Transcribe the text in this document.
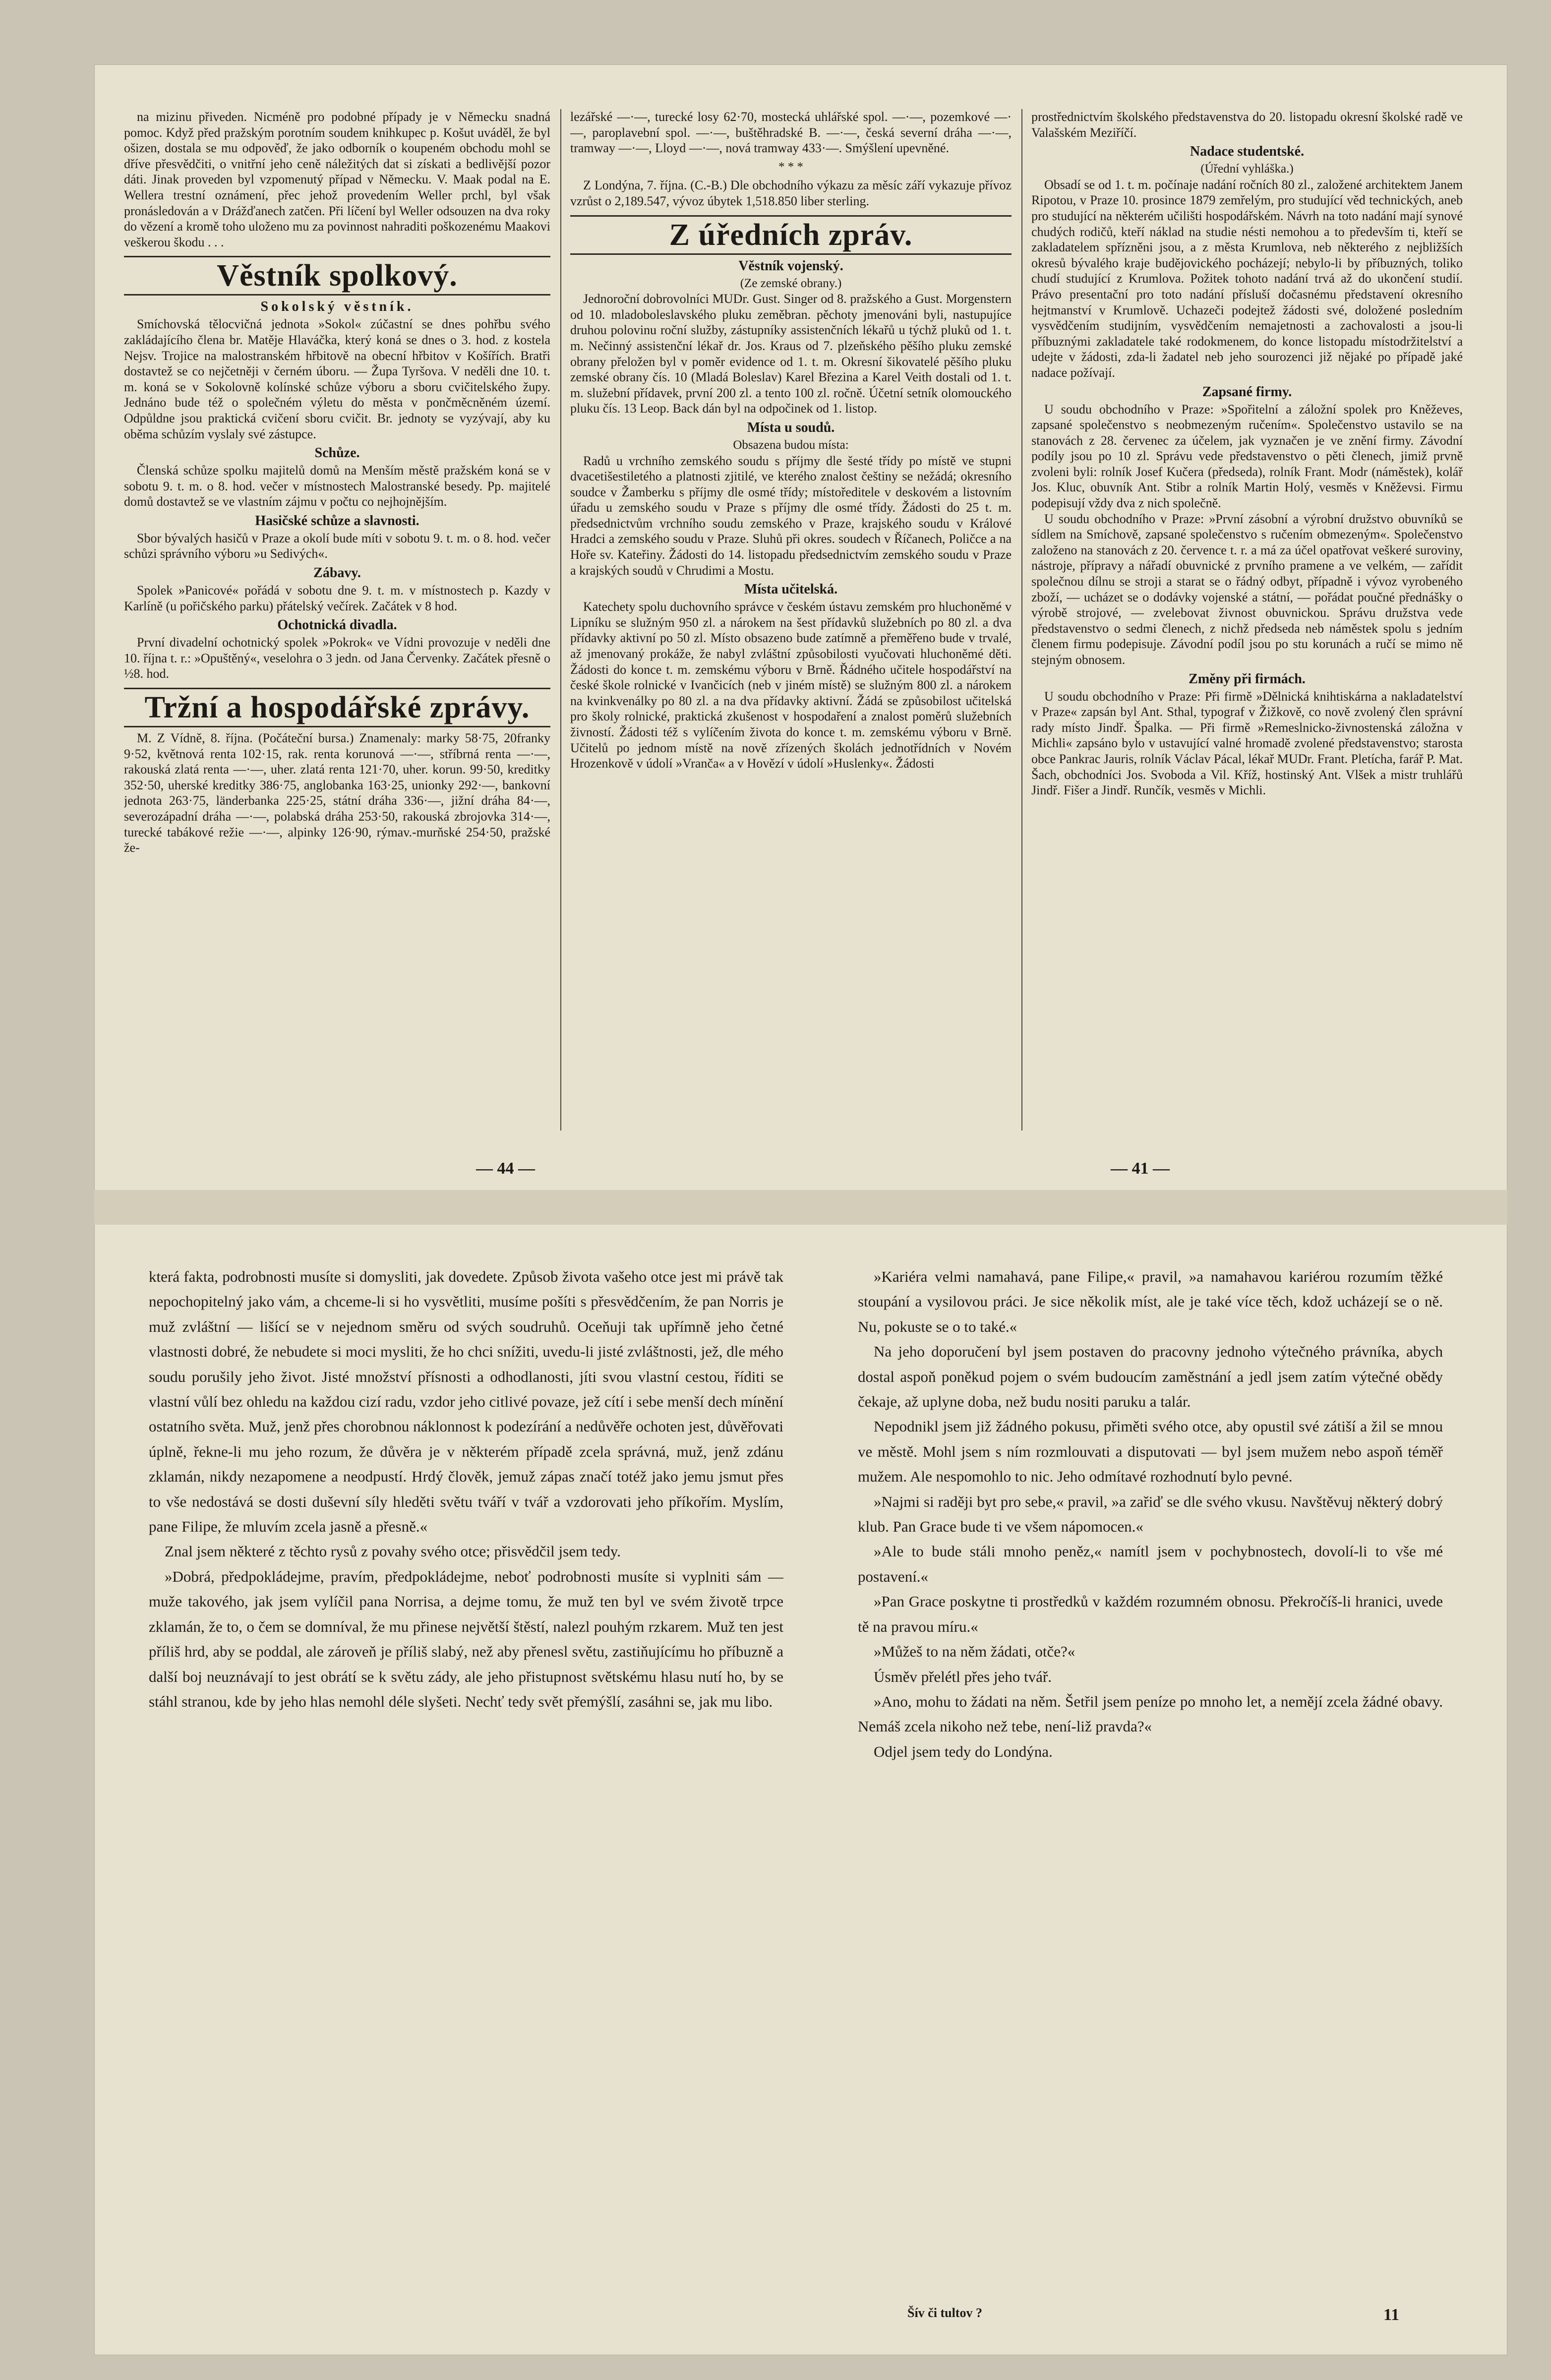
na mizinu přiveden. Nicméně pro podobné případy je v Německu snadná pomoc. Když před pražským porotním soudem knihkupec p. Košut uváděl, že byl ošizen, dostala se mu odpověď, že jako odborník o koupeném obchodu mohl se dříve přesvědčiti, o vnitřní jeho ceně náležitých dat si získati a bedlivější pozor dáti. Jinak proveden byl vzpomenutý případ v Německu. V. Maak podal na E. Wellera trestní oznámení, přec jehož provedením Weller prchl, byl však pronásledován a v Drážďanech zatčen. Při líčení byl Weller odsouzen na dva roky do vězení a kromě toho uloženo mu za povinnost nahraditi poškozenému Maakovi veškerou škodu . . .

Věstník spolkový.
Sokolský věstník.

Smíchovská tělocvičná jednota »Sokol« zúčastní se dnes pohřbu svého zakládajícího člena br. Matěje Hlaváčka, který koná se dnes o 3. hod. z kostela Nejsv. Trojice na malostranském hřbitově na obecní hřbitov v Košířích. Bratři dostavtež se co nejčetněji v černém úboru. — Župa Tyršova. V neděli dne 10. t. m. koná se v Sokolovně kolínské schůze výboru a sboru cvičitelského župy. Jednáno bude též o společném výletu do města v pončměcněném území. Odpůldne jsou praktická cvičení sboru cvičit. Br. jednoty se vyzývají, aby ku oběma schůzím vyslaly své zástupce.

Schůze.

Členská schůze spolku majitelů domů na Menším městě pražském koná se v sobotu 9. t. m. o 8. hod. večer v místnostech Malostranské besedy. Pp. majitelé domů dostavtež se ve vlastním zájmu v počtu co nejhojnějším.

Hasičské schůze a slavnosti.

Sbor bývalých hasičů v Praze a okolí bude míti v sobotu 9. t. m. o 8. hod. večer schůzi správního výboru »u Sedivých«.

Zábavy.

Spolek »Panicové« pořádá v sobotu dne 9. t. m. v místnostech p. Kazdy v Karlíně (u pořičského parku) přátelský večírek. Začátek v 8 hod.

Ochotnická divadla.

První divadelní ochotnický spolek »Pokrok« ve Vídni provozuje v neděli dne 10. října t. r.: »Opuštěný«, veselohra o 3 jedn. od Jana Červenky. Začátek přesně o ½8. hod.

Tržní a hospodářské zprávy.

M. Z Vídně, 8. října. (Počáteční bursa.) Znamenaly: marky 58·75, 20franky 9·52, květnová renta 102·15, rak. renta korunová —·—, stříbrná renta —·—, rakouská zlatá renta —·—, uher. zlatá renta 121·70, uher. korun. 99·50, kreditky 352·50, uherské kreditky 386·75, anglobanka 163·25, unionky 292·—, bankovní jednota 263·75, länderbanka 225·25, státní dráha 336·—, jižní dráha 84·—, severozápadní dráha —·—, polabská dráha 253·50, rakouská zbrojovka 314·—, turecké tabákové režie —·—, alpinky 126·90, rýmav.-murňské 254·50, pražské že-

lezářské —·—, turecké losy 62·70, mostecká uhlářské spol. —·—, pozemkové —·—, paroplavební spol. —·—, buštěhradské B. —·—, česká severní dráha —·—, tramway —·—, Lloyd —·—, nová tramway 433·—. Smýšlení upevněné.

* * *

Z Londýna, 7. října. (C.-B.) Dle obchodního výkazu za měsíc září vykazuje přívoz vzrůst o 2,189.547, vývoz úbytek 1,518.850 liber sterling.

Z úředních zpráv.
Věstník vojenský.
(Ze zemské obrany.)

Jednoroční dobrovolníci MUDr. Gust. Singer od 8. pražského a Gust. Morgenstern od 10. mladoboleslavského pluku zeměbran. pěchoty jmenováni byli, nastupujíce druhou polovinu roční služby, zástupníky assistenčních lékařů u týchž pluků od 1. t. m. Nečinný assistenční lékař dr. Jos. Kraus od 7. plzeňského pěšího pluku zemské obrany přeložen byl v poměr evidence od 1. t. m. Okresní šikovatelé pěšího pluku zemské obrany čís. 10 (Mladá Boleslav) Karel Březina a Karel Veith dostali od 1. t. m. služební přídavek, první 200 zl. a tento 100 zl. ročně. Účetní setník olomouckého pluku čís. 13 Leop. Back dán byl na odpočinek od 1. listop.

Místa u soudů.
Obsazena budou místa:

Radů u vrchního zemského soudu s příjmy dle šesté třídy po místě ve stupni dvacetišestiletého a platnosti zjitilé, ve kterého znalost češtiny se nežádá; okresního soudce v Žamberku s příjmy dle osmé třídy; místoředitele v deskovém a listovním úřadu u zemského soudu v Praze s příjmy dle osmé třídy. Žádosti do 25 t. m. předsednictvům vrchního soudu zemského v Praze, krajského soudu v Králové Hradci a zemského soudu v Praze. Sluhů při okres. soudech v Říčanech, Poličce a na Hoře sv. Kateřiny. Žádosti do 14. listopadu předsednictvím zemského soudu v Praze a krajských soudů v Chrudimi a Mostu.

Místa učitelská.

Katechety spolu duchovního správce v českém ústavu zemském pro hluchoněmé v Lipníku se služným 950 zl. a nárokem na šest přídavků služebních po 80 zl. a dva přídavky aktivní po 50 zl. Místo obsazeno bude zatímně a přeměřeno bude v trvalé, až jmenovaný prokáže, že nabyl zvláštní způsobilosti vyučovati hluchoněmé děti. Žádosti do konce t. m. zemskému výboru v Brně. Řádného učitele hospodářství na české škole rolnické v Ivančicích (neb v jiném místě) se služným 800 zl. a nárokem na kvinkvenálky po 80 zl. a na dva přídavky aktivní. Žádá se způsobilost učitelská pro školy rolnické, praktická zkušenost v hospodaření a znalost poměrů služebních živností. Žádosti též s vylíčením života do konce t. m. zemskému výboru v Brně. Učitelů po jednom místě na nově zřízených školách jednotřídních v Novém Hrozenkově v údolí »Vranča« a v Hovězí v údolí »Huslenky«. Žádosti

prostřednictvím školského představenstva do 20. listopadu okresní školské radě ve Valašském Meziříčí.

Nadace studentské.
(Úřední vyhláška.)

Obsadí se od 1. t. m. počínaje nadání ročních 80 zl., založené architektem Janem Ripotou, v Praze 10. prosince 1879 zemřelým, pro studující věd technických, aneb pro studující na některém učilišti hospodářském. Návrh na toto nadání mají synové chudých rodičů, kteří náklad na studie nésti nemohou a to především ti, kteří se zakladatelem spřízněni jsou, a z města Krumlova, neb některého z nejbližších okresů bývalého kraje budějovického pocházejí; nebylo-li by příbuzných, toliko chudí studující z Krumlova. Požitek tohoto nadání trvá až do ukončení studií. Právo presentační pro toto nadání přísluší dočasnému představení okresního hejtmanství v Krumlově. Uchazeči podejtež žádosti své, doložené posledním vysvědčením studijním, vysvědčením nemajetnosti a zachovalosti a jsou-li příbuznými zakladatele také rodokmenem, do konce listopadu místodržitelství a udejte v žádosti, zda-li žadatel neb jeho sourozenci již nějaké po případě jaké nadace požívají.

Zapsané firmy.

U soudu obchodního v Praze: »Spořitelní a záložní spolek pro Kněževes, zapsané společenstvo s neobmezeným ručením«. Společenstvo ustavilo se na stanovách z 28. červenec za účelem, jak vyznačen je ve znění firmy. Závodní podíly jsou po 10 zl. Správu vede představenstvo o pěti členech, jimiž prvně zvoleni byli: rolník Josef Kučera (předseda), rolník Frant. Modr (náměstek), kolář Jos. Kluc, obuvník Ant. Stibr a rolník Martin Holý, vesměs v Kněževsi. Firmu podepisují vždy dva z nich společně.

U soudu obchodního v Praze: »První zásobní a výrobní družstvo obuvníků se sídlem na Smíchově, zapsané společenstvo s ručením obmezeným«. Společenstvo založeno na stanovách z 20. července t. r. a má za účel opatřovat veškeré suroviny, nástroje, přípravy a nářadí obuvnické z prvního pramene a ve velkém, — zařídit společnou dílnu se stroji a starat se o řádný odbyt, případně i vývoz vyrobeného zboží, — ucházet se o dodávky vojenské a státní, — pořádat poučné přednášky o výrobě strojové, — zvelebovat živnost obuvnickou. Správu družstva vede představenstvo o sedmi členech, z nichž předseda neb náměstek spolu s jedním členem firmu podepisuje. Závodní podíl jsou po stu korunách a ručí se mimo ně stejným obnosem.

Změny při firmách.

U soudu obchodního v Praze: Při firmě »Dělnická knihtiskárna a nakladatelství v Praze« zapsán byl Ant. Sthal, typograf v Žižkově, co nově zvolený člen správní rady místo Jindř. Špalka. — Při firmě »Remeslnicko-živnostenská záložna v Michli« zapsáno bylo v ustavující valné hromadě zvolené představenstvo; starosta obce Pankrac Jauris, rolník Václav Pácal, lékař MUDr. Frant. Pletícha, farář P. Mat. Šach, obchodníci Jos. Svoboda a Vil. Kříž, hostinský Ant. Vlšek a mistr truhlářů Jindř. Fišer a Jindř. Runčík, vesměs v Michli.

— 44 —	— 41 —

která fakta, podrobnosti musíte si domysliti, jak dovedete. Způsob života vašeho otce jest mi právě tak nepochopitelný jako vám, a chceme-li si ho vysvětliti, musíme pošíti s přesvědčením, že pan Norris je muž zvláštní — lišící se v nejednom směru od svých soudruhů. Oceňuji tak upřímně jeho četné vlastnosti dobré, že nebudete si moci mysliti, že ho chci snížiti, uvedu-li jisté zvláštnosti, jež, dle mého soudu porušily jeho život. Jisté množství přísnosti a odhodlanosti, jíti svou vlastní cestou, říditi se vlastní vůlí bez ohledu na každou cizí radu, vzdor jeho citlivé povaze, jež cítí i sebe menší dech mínění ostatního světa. Muž, jenž přes chorobnou náklonnost k podezírání a nedůvěře ochoten jest, důvěřovati úplně, řekne-li mu jeho rozum, že důvěra je v některém případě zcela správná, muž, jenž zdánu zklamán, nikdy nezapomene a neodpustí. Hrdý člověk, jemuž zápas značí totéž jako jemu jsmut přes to vše nedostává se dosti duševní síly hleděti světu tváří v tvář a vzdorovati jeho příkořím. Myslím, pane Filipe, že mluvím zcela jasně a přesně.«

Znal jsem některé z těchto rysů z povahy svého otce; přisvědčil jsem tedy.

»Dobrá, předpokládejme, pravím, předpokládejme, neboť podrobnosti musíte si vyplniti sám — muže takového, jak jsem vylíčil pana Norrisa, a dejme tomu, že muž ten byl ve svém životě trpce zklamán, že to, o čem se domníval, že mu přinese největší štěstí, nalezl pouhým rzkarem. Muž ten jest příliš hrd, aby se poddal, ale zároveň je příliš slabý, než aby přenesl světu, zastiňujícímu ho příbuzně a další boj neuznávají to jest obrátí se k světu zády, ale jeho přistupnost světskému hlasu nutí ho, by se stáhl stranou, kde by jeho hlas nemohl déle slyšeti. Nechť tedy svět přemýšlí, zasáhni se, jak mu libo.

»Kariéra velmi namahavá, pane Filipe,« pravil, »a namahavou kariérou rozumím těžké stoupání a vysilovou práci. Je sice několik míst, ale je také více těch, kdož ucházejí se o ně. Nu, pokuste se o to také.«

Na jeho doporučení byl jsem postaven do pracovny jednoho výtečného právníka, abych dostal aspoň poněkud pojem o svém budoucím zaměstnání a jedl jsem zatím výtečné obědy čekaje, až uplyne doba, než budu nositi paruku a talár.

Nepodnikl jsem již žádného pokusu, přiměti svého otce, aby opustil své zátiší a žil se mnou ve městě. Mohl jsem s ním rozmlouvati a disputovati — byl jsem mužem nebo aspoň téměř mužem. Ale nespomohlo to nic. Jeho odmítavé rozhodnutí bylo pevné.

»Najmi si raději byt pro sebe,« pravil, »a zařiď se dle svého vkusu. Navštěvuj některý dobrý klub. Pan Grace bude ti ve všem nápomocen.«

»Ale to bude stáli mnoho peněz,« namítl jsem v pochybnostech, dovolí-li to vše mé postavení.«

»Pan Grace poskytne ti prostředků v každém rozumném obnosu. Překročíš-li hranici, uvede tě na pravou míru.«

»Můžeš to na něm žádati, otče?«

Úsměv přelétl přes jeho tvář.

»Ano, mohu to žádati na něm. Šetřil jsem peníze po mnoho let, a nemějí zcela žádné obavy. Nemáš zcela nikoho než tebe, není-liž pravda?«

Odjel jsem tedy do Londýna.

Šív či tultov ?	11
